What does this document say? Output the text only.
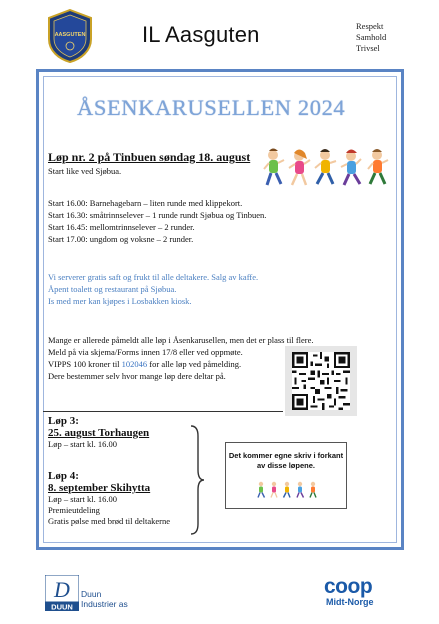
AASGUTEN	IL Aasguten	Respekt
Samhold
Trivsel
ÅSENKARUSELLEN 2024
Løp nr. 2 på Tinbuen søndag 18. august
Start like ved Sjøbua.
Start 16.00: Barnehagebarn – liten runde med klippekort.
Start 16.30: småtrinnselever – 1 runde rundt Sjøbua og Tinbuen.
Start 16.45: mellomtrinnselever – 2 runder.
Start 17.00: ungdom og voksne – 2 runder.
Vi serverer gratis saft og frukt til alle deltakere. Salg av kaffe.
Åpent toalett og restaurant på Sjøbua.
Is med mer kan kjøpes i Losbakken kiosk.
Mange er allerede påmeldt alle løp i Åsenkarusellen, men det er plass til flere.
Meld på via skjema/Forms innen 17/8 eller ved oppmøte.
VIPPS 100 kroner til 102046 for alle løp ved påmelding.
Dere bestemmer selv hvor mange løp dere deltar på.
Løp 3:
25. august Torhaugen
Løp – start kl. 16.00
Løp 4:
8. september Skihytta
Løp – start kl. 16.00
Premieutdeling
Gratis pølse med brød til deltakerne
Det kommer egne skriv i forkant av disse løpene.
D
DUUN
Duun
Industrier as
coop
Midt-Norge
